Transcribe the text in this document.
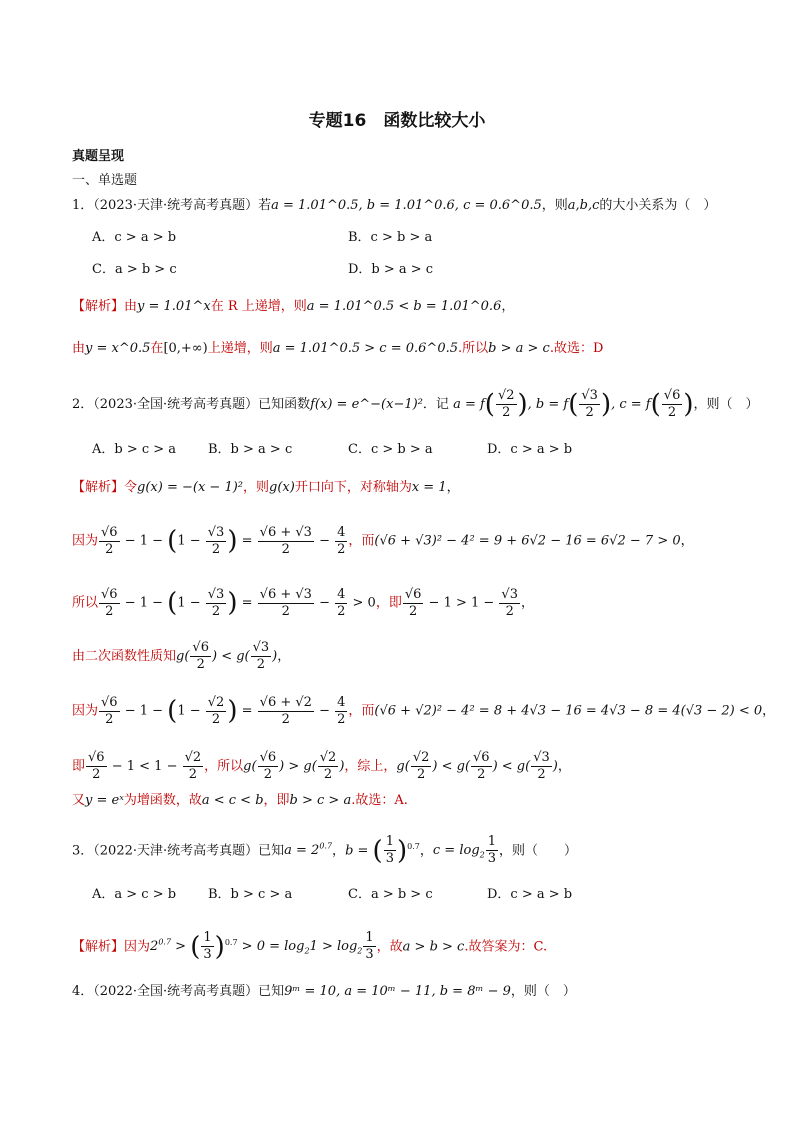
专题16　函数比较大小
真题呈现
一、单选题
1．（2023·天津·统考高考真题）若a = 1.01^0.5, b = 1.01^0.6, c = 0.6^0.5，则a,b,c的大小关系为（　）
A．c > a > b	B．c > b > a
C．a > b > c	D．b > a > c
【解析】由y = 1.01^x在 R 上递增，则a = 1.01^0.5 < b = 1.01^0.6，
由y = x^0.5在[0,+∞)上递增，则a = 1.01^0.5 > c = 0.6^0.5.所以b > a > c.故选：D
2．（2023·全国·统考高考真题）已知函数f(x) = e^−(x−1)²．记 $a = f( \frac{√2}{2}$ ), $b = f( \frac{√3}{2}$ ), $c = f( \frac{√6}{2}$ )，则（　）
A．b > c > a B．b > a > c	C．c > b > a	D．c > a > b
【解析】令g(x) = −(x − 1)²，则g(x)开口向下，对称轴为x = 1，
因为 $\frac{√6}{2} - 1 - (1 - \frac{√3}{2}$ ) = $\frac{√6 + √3}{2} - \frac{4}{2}$ ，而(√6 + √3)² − 4² = 9 + 6√2 − 16 = 6√2 − 7 > 0，
所以 $\frac{√6}{2} - 1 - (1 - \frac{√3}{2}$ ) = $\frac{√6 + √3}{2} - \frac{4}{2} > 0$，即 $\frac{√6}{2} - 1 > 1 - \frac{√3}{2}$ ，
由二次函数性质知$g( \frac{√6}{2}$ ) < $g( \frac{√3}{2}$ )，
因为 $\frac{√6}{2} - 1 - (1 - \frac{√2}{2}$ ) = $\frac{√6 + √2}{2} - \frac{4}{2}$ ，而(√6 + √2)² − 4² = 8 + 4√3 − 16 = 4√3 − 8 = 4(√3 − 2) < 0，
即 $\frac{√6}{2} - 1 < 1 - \frac{√2}{2}$ ，所以$g( \frac{√6}{2}$ ) > $g( \frac{√2}{2}$ )，综上，$g( \frac{√2}{2}$ ) < $g( \frac{√6}{2}$ ) < $g( \frac{√3}{2}$ )，
又y = eˣ为增函数，故a < c < b，即b > c > a.故选：A.
3．（2022·天津·统考高考真题）已知$a = 2^{0.7}$，b = ( $\frac{1}{3} )^{0.7}$，$c = \log_2 \frac{1}{3}$ ，则（　　）
A．a > c > b B．b > c > a	C．a > b > c	D．c > a > b
【解析】因为$2^{0.7}$ > ( $\frac{1}{3} )^{0.7} > 0 = \log_21 > \log_2 \frac{1}{3}$ ，故a > b > c.故答案为：C.
4．（2022·全国·统考高考真题）已知9ᵐ = 10, a = 10ᵐ − 11, b = 8ᵐ − 9，则（　）
